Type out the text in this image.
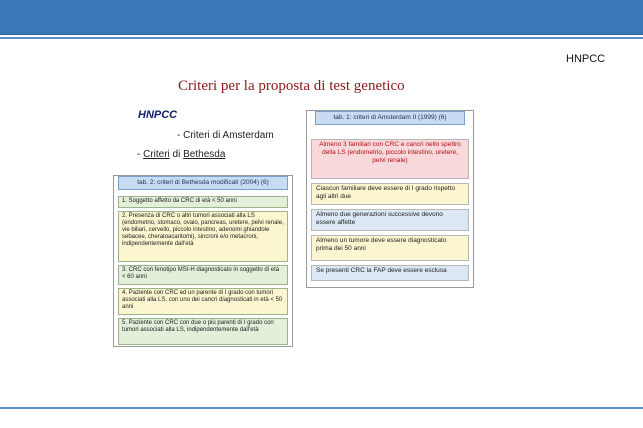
HNPCC
Criteri per la proposta di test genetico
HNPCC
- Criteri di Amsterdam
- Criteri di Bethesda
tab. 2: criteri di Bethesda modificati (2004) (6)
1. Soggetto affetto da CRC di età < 50 anni
2. Presenza di CRC o altri tumori associati alla LS (endometrio, stomaco, ovaio, pancreas, uretere, pelvi renale, vie biliari, cervello, piccolo intestino, adenomi ghiandole sebacee, cheratoacantomi), sincroni e/o metacroni, indipendentemente dall'età
3. CRC con fenotipo MSI-H diagnosticato in soggetto di età < 60 anni
4. Paziente con CRC ed un parente di I grado con tumori associati alla LS, con uno dei cancri diagnosticati in età < 50 anni
5. Paziente con CRC con due o più parenti di I grado con tumori associati alla LS, indipendentemente dall'età
tab. 1: criteri di Amsterdam II (1999) (6)
Almeno 3 familiari con CRC e cancri nello spettro della LS (endometrio, piccolo intestino, uretere, pelvi renale)
Ciascun familiare deve essere di I grado rispetto agli altri due
Almeno due generazioni successive devono essere affette
Almeno un tumore deve essere diagnosticato prima dei 50 anni
Se presenti CRC la FAP deve essere esclusa
